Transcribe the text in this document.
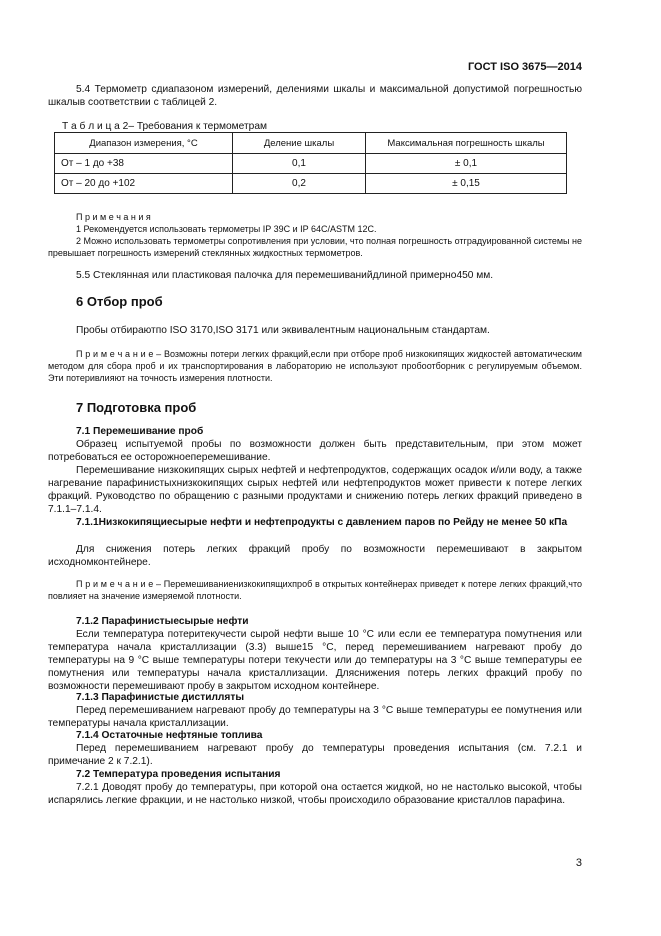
ГОСТ ISO 3675—2014

5.4 Термометр сдиапазоном измерений, делениями шкалы и максимальной допустимой погрешностью шкалыв соответствии с таблицей 2.

Т а б л и ц а 2– Требования к термометрам
Диапазон измерения, °С	Деление шкалы	Максимальная погрешность шкалы
От – 1 до +38	0,1	± 0,1
От – 20 до +102	0,2	± 0,15
П р и м е ч а н и я

1 Рекомендуется использовать термометры IP 39C и IP 64C/ASTM 12C.

2 Можно использовать термометры сопротивления при условии, что полная погрешность отградуированной системы не превышает погрешность измерений стеклянных жидкостных термометров.

5.5 Стеклянная или пластиковая палочка для перемешиванийдлиной примерно450 мм.

6 Отбор проб

Пробы отбираютпо ISO 3170,ISO 3171 или эквивалентным национальным стандартам.

П р и м е ч а н и е – Возможны потери легких фракций,если при отборе проб низкокипящих жидкостей автоматическим методом для сбора проб и их транспортирования в лабораторию не используют пробоотборник с регулируемым объемом. Эти потеривлияют на точность измерения плотности.

7 Подготовка проб
7.1 Перемешивание проб

Образец испытуемой пробы по возможности должен быть представительным, при этом может потребоваться ее осторожноеперемешивание.

Перемешивание низкокипящих сырых нефтей и нефтепродуктов, содержащих осадок и/или воду, а также нагревание парафинистыхнизкокипящих сырых нефтей или нефтепродуктов может привести к потере легких фракций. Руководство по обращению с разными продуктами и снижению потерь легких фракций приведено в 7.1.1–7.1.4.

7.1.1Низкокипящиесырые нефти и нефтепродукты с давлением паров по Рейду не менее 50 кПа

Для снижения потерь легких фракций пробу по возможности перемешивают в закрытом исходномконтейнере.

П р и м е ч а н и е – Перемешиваниенизкокипящихпроб в открытых контейнерах приведет к потере легких фракций,что повлияет на значение измеряемой плотности.

7.1.2 Парафинистыесырые нефти

Если температура потеритекучести сырой нефти выше 10 °С или если ее температура помутнения или температура начала кристаллизации (3.3) выше15 °С, перед перемешиванием нагревают пробу до температуры на 9 °С выше температуры потери текучести или до температуры на 3 °С выше температуры ее помутнения или температуры начала кристаллизации. Дляснижения потерь легких фракций пробу по возможности перемешивают пробу в закрытом исходном контейнере.

7.1.3 Парафинистые дистилляты

Перед перемешиванием нагревают пробу до температуры на 3 °С выше температуры ее помутнения или температуры начала кристаллизации.

7.1.4 Остаточные нефтяные топлива

Перед перемешиванием нагревают пробу до температуры проведения испытания (см. 7.2.1 и примечание 2 к 7.2.1).

7.2 Температура проведения испытания

7.2.1 Доводят пробу до температуры, при которой она остается жидкой, но не настолько высокой, чтобы испарялись легкие фракции, и не настолько низкой, чтобы происходило образование кристаллов парафина.

3
